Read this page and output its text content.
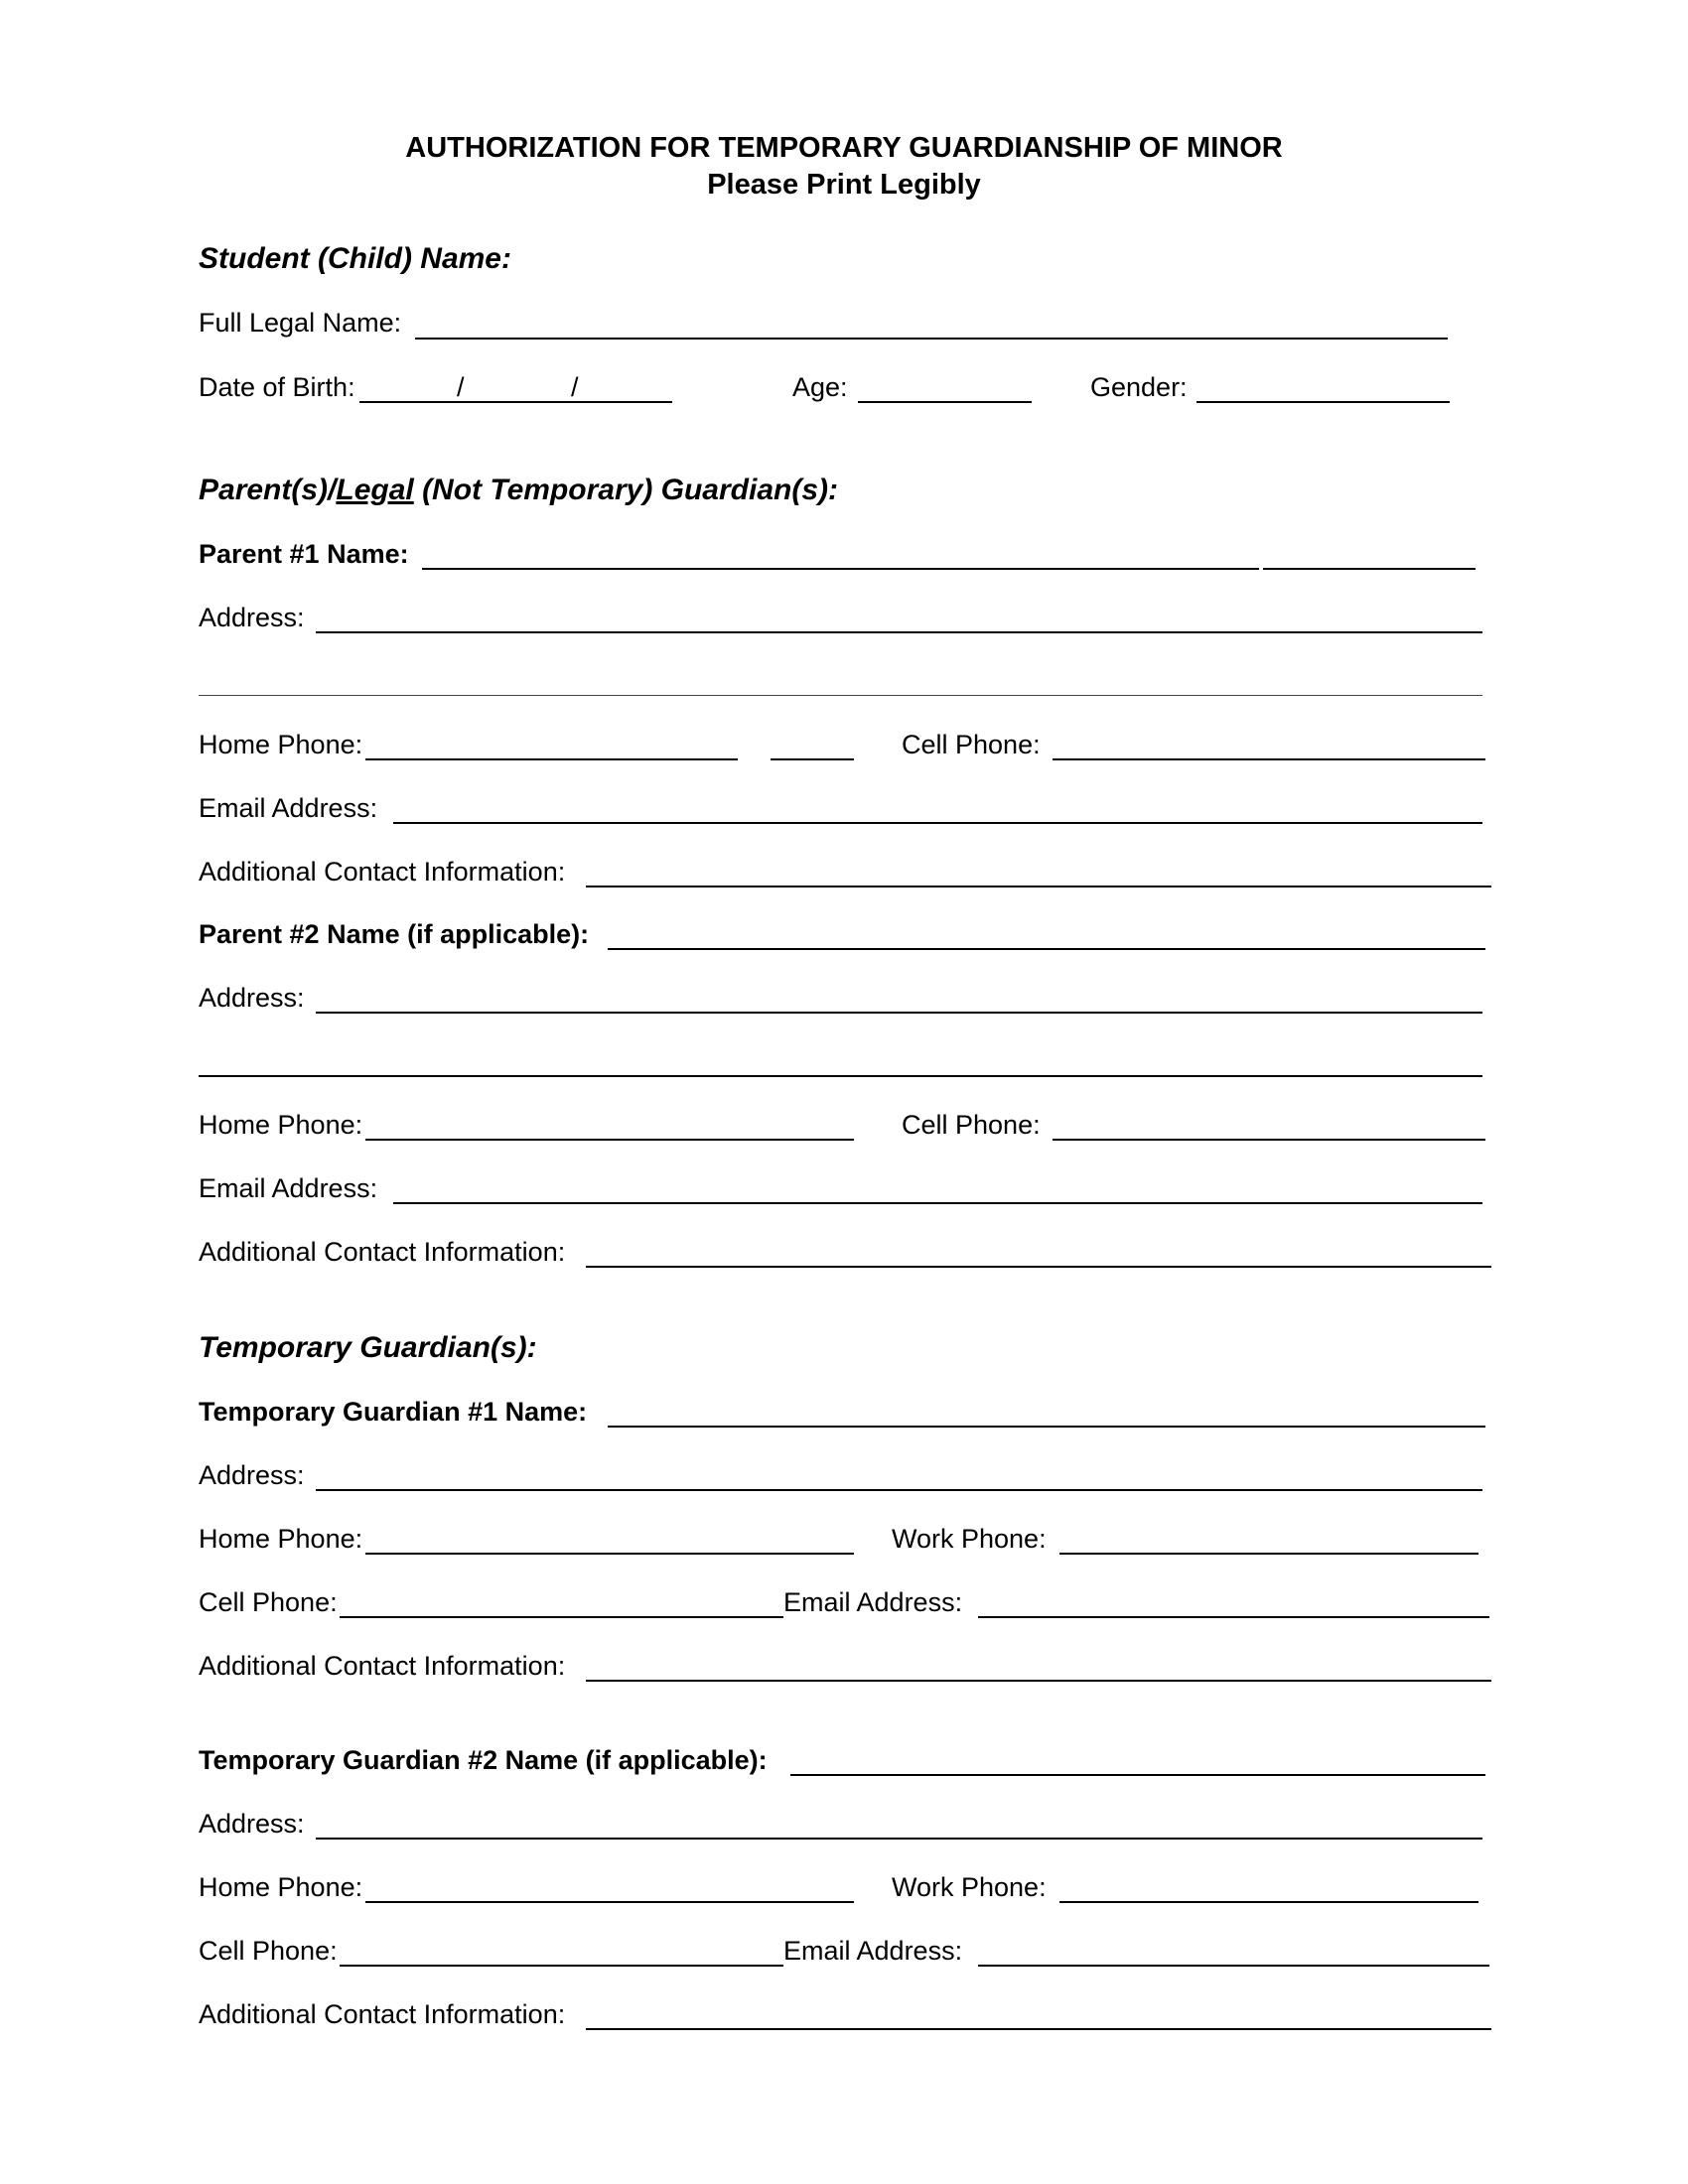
AUTHORIZATION FOR TEMPORARY GUARDIANSHIP OF MINOR
Please Print Legibly
Student (Child) Name:
Full Legal Name:
Date of Birth:	/	/	Age:	Gender:
Parent(s)/Legal (Not Temporary) Guardian(s):
Parent #1 Name:
Address:
Home Phone:	Cell Phone:
Email Address:
Additional Contact Information:
Parent #2 Name (if applicable):
Address:
Home Phone:	Cell Phone:
Email Address:
Additional Contact Information:
Temporary Guardian(s):
Temporary Guardian #1 Name:
Address:
Home Phone:	Work Phone:
Cell Phone:	Email Address:
Additional Contact Information:
Temporary Guardian #2 Name (if applicable):
Address:
Home Phone:	Work Phone:
Cell Phone:	Email Address:
Additional Contact Information:
